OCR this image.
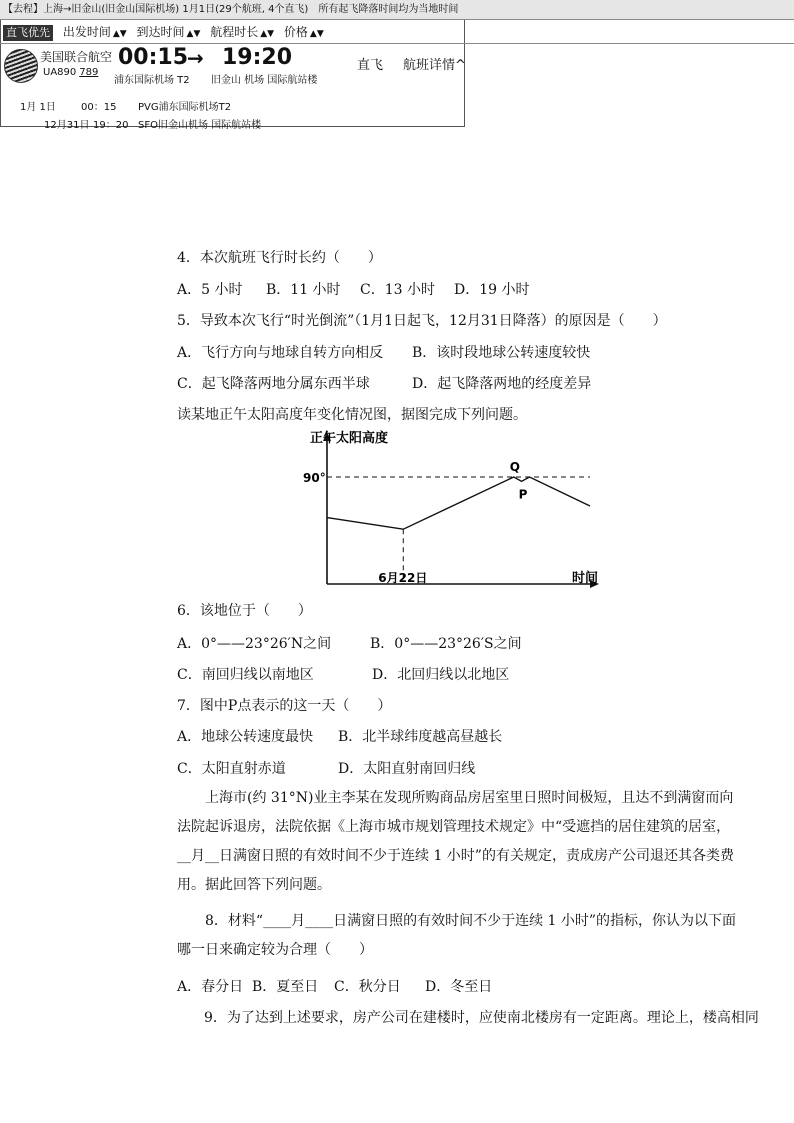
【去程】上海→旧金山(旧金山国际机场) 1月1日(29个航班, 4个直飞)　所有起飞降落时间均为当地时间
直飞优先 出发时间 ▲▼ 到达时间 ▲▼ 航程时长 ▲▼ 价格 ▲▼
美国联合航空
UA890 789
00:15
→ 19:20
浦东国际机场 T2 旧金山 机场 国际航站楼
直飞 航班详情^
1月 1日	00：15 PVG浦东国际机场T2
12月31日 19：20 SFO旧金山机场 国际航站楼
4．本次航班飞行时长约（　　）
A．5 小时 B．11 小时 C．13 小时 D．19 小时
5．导致本次飞行“时光倒流”（1月1日起飞，12月31日降落）的原因是（　　）
A．飞行方向与地球自转方向相反 B．该时段地球公转速度较快
C．起飞降落两地分属东西半球	D．起飞降落两地的经度差异
读某地正午太阳高度年变化情况图，据图完成下列问题。
正午太阳高度
90°
6月22日	时间
Q
P
6．该地位于（　　）
A．0°——23°26′N之间	B．0°——23°26′S之间
C．南回归线以南地区	D．北回归线以北地区
7．图中P点表示的这一天（　　）
A．地球公转速度最快 B．北半球纬度越高昼越长
C．太阳直射赤道	D．太阳直射南回归线
上海市(约 31°N)业主李某在发现所购商品房居室里日照时间极短，且达不到满窗而向法院起诉退房，法院依据《上海市城市规划管理技术规定》中“受遮挡的居住建筑的居室，__月__日满窗日照的有效时间不少于连续 1 小时”的有关规定，责成房产公司退还其各类费用。据此回答下列问题。
8．材料“____月____日满窗日照的有效时间不少于连续 1 小时”的指标，你认为以下面哪一日来确定较为合理（　　）
A．春分日 B．夏至日 C．秋分日 D．冬至日
9．为了达到上述要求，房产公司在建楼时，应使南北楼房有一定距离。理论上，楼高相同
